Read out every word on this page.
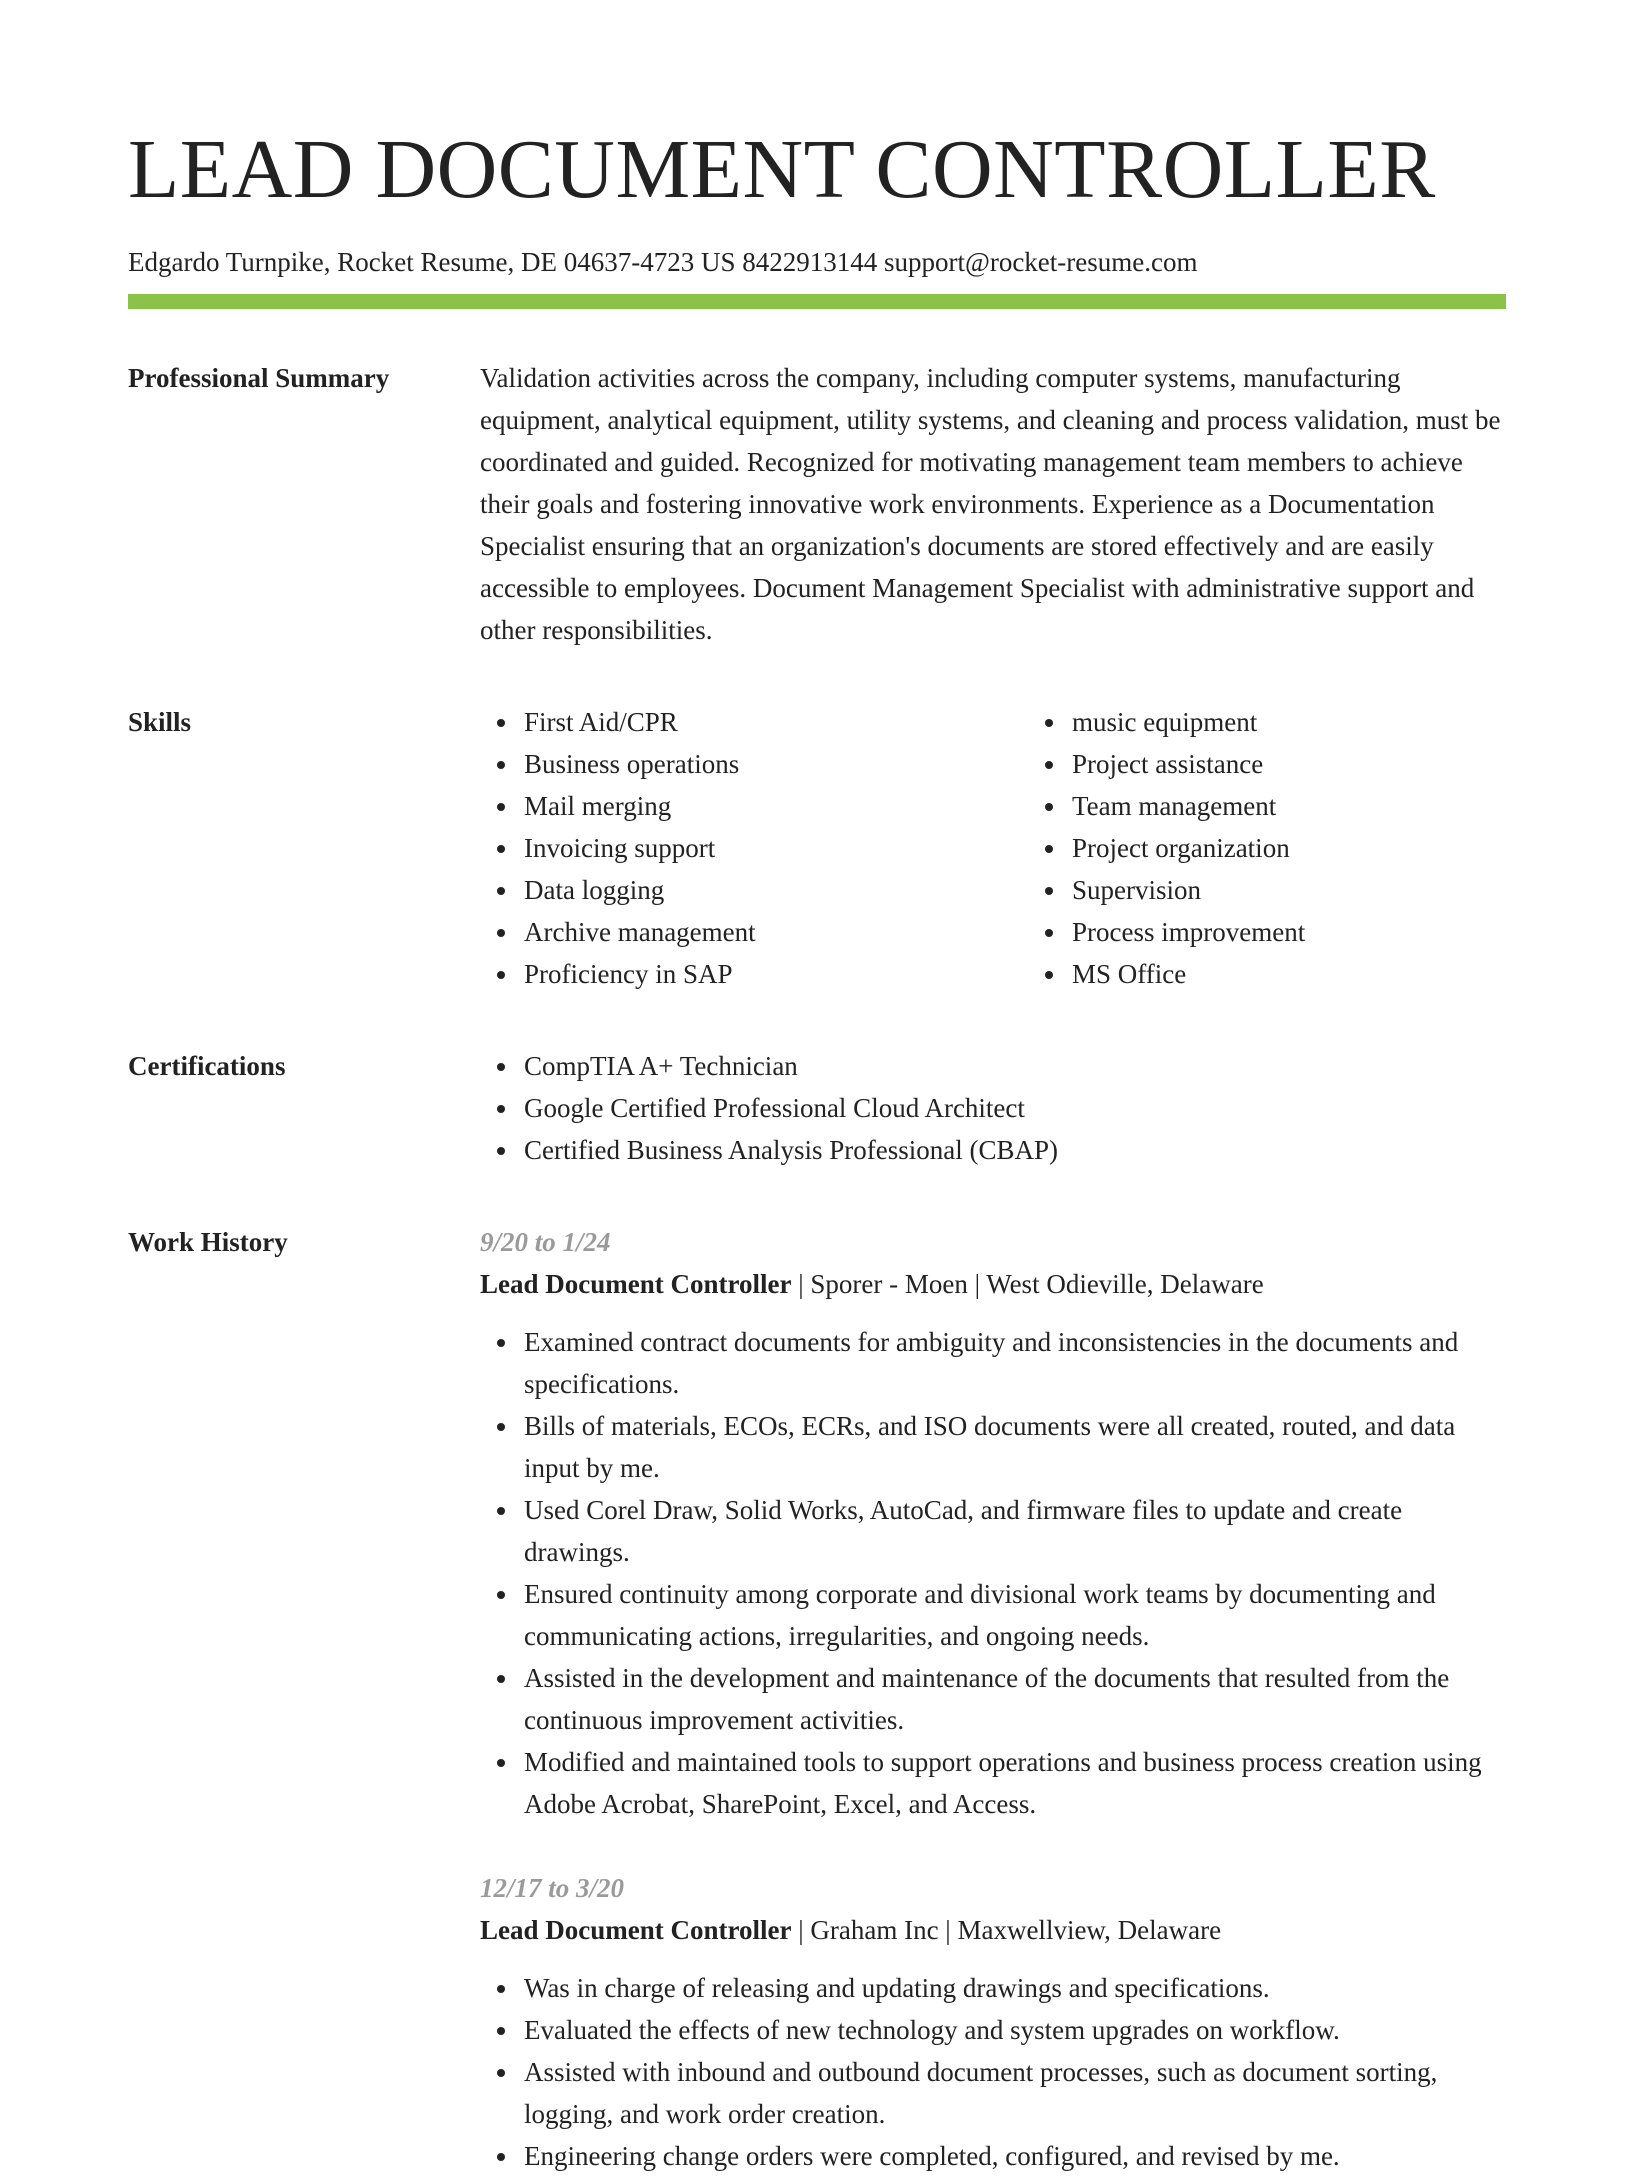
LEAD DOCUMENT CONTROLLER
Edgardo Turnpike, Rocket Resume, DE 04637-4723 US 8422913144 support@rocket-resume.com
Professional Summary	Validation activities across the company, including computer systems, manufacturing equipment, analytical equipment, utility systems, and cleaning and process validation, must be coordinated and guided. Recognized for motivating management team members to achieve their goals and fostering innovative work environments. Experience as a Documentation Specialist ensuring that an organization's documents are stored effectively and are easily accessible to employees. Document Management Specialist with administrative support and other responsibilities.

Skills	First Aid/CPR
Business operations
Mail merging
Invoicing support
Data logging
Archive management
Proficiency in SAP
music equipment
Project assistance
Team management
Project organization
Supervision
Process improvement
MS Office
Certifications	CompTIA A+ Technician
Google Certified Professional Cloud Architect
Certified Business Analysis Professional (CBAP)
Work History	9/20 to 1/24
Lead Document Controller | Sporer - Moen | West Odieville, Delaware
Examined contract documents for ambiguity and inconsistencies in the documents and specifications.
Bills of materials, ECOs, ECRs, and ISO documents were all created, routed, and data input by me.
Used Corel Draw, Solid Works, AutoCad, and firmware files to update and create drawings.
Ensured continuity among corporate and divisional work teams by documenting and communicating actions, irregularities, and ongoing needs.
Assisted in the development and maintenance of the documents that resulted from the continuous improvement activities.
Modified and maintained tools to support operations and business process creation using Adobe Acrobat, SharePoint, Excel, and Access.
12/17 to 3/20
Lead Document Controller | Graham Inc | Maxwellview, Delaware
Was in charge of releasing and updating drawings and specifications.
Evaluated the effects of new technology and system upgrades on workflow.
Assisted with inbound and outbound document processes, such as document sorting, logging, and work order creation.
Engineering change orders were completed, configured, and revised by me.
